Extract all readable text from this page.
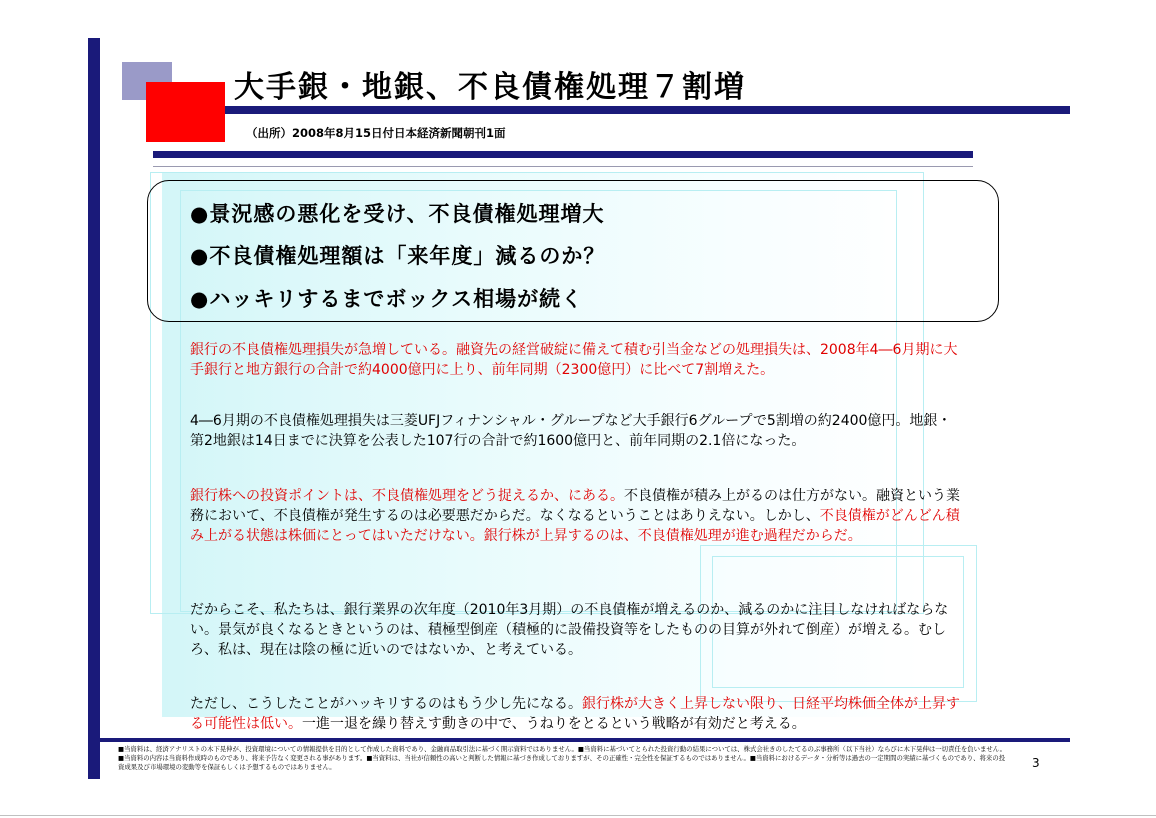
大手銀・地銀、不良債権処理７割増
（出所）2008年8月15日付日本経済新聞朝刊1面
●景況感の悪化を受け、不良債権処理増大
●不良債権処理額は「来年度」減るのか？
●ハッキリするまでボックス相場が続く
銀行の不良債権処理損失が急増している。融資先の経営破綻に備えて積む引当金などの処理損失は、2008年4―6月期に大手銀行と地方銀行の合計で約4000億円に上り、前年同期（2300億円）に比べて7割増えた。
4―6月期の不良債権処理損失は三菱UFJフィナンシャル・グループなど大手銀行6グループで5割増の約2400億円。地銀・第2地銀は14日までに決算を公表した107行の合計で約1600億円と、前年同期の2.1倍になった。
銀行株への投資ポイントは、不良債権処理をどう捉えるか、にある。不良債権が積み上がるのは仕方がない。融資という業務において、不良債権が発生するのは必要悪だからだ。なくなるということはありえない。しかし、不良債権がどんどん積み上がる状態は株価にとってはいただけない。銀行株が上昇するのは、不良債権処理が進む過程だからだ。
だからこそ、私たちは、銀行業界の次年度（2010年3月期）の不良債権が増えるのか、減るのかに注目しなければならない。景気が良くなるときというのは、積極型倒産（積極的に設備投資等をしたものの目算が外れて倒産）が増える。むしろ、私は、現在は陰の極に近いのではないか、と考えている。
ただし、こうしたことがハッキリするのはもう少し先になる。銀行株が大きく上昇しない限り、日経平均株価全体が上昇する可能性は低い。一進一退を繰り替えす動きの中で、うねりをとるという戦略が有効だと考える。
■当資料は、経済アナリストの木下晃伸が、投資環境についての情報提供を目的として作成した資料であり、金融商品取引法に基づく開示資料ではありません。■当資料に基づいてとられた投資行動の結果については、株式会社きのしたてるのぶ事務所（以下当社）ならびに木下晃伸は一切責任を負いません。■当資料の内容は当資料作成時のものであり、将来予告なく変更される事があります。■当資料は、当社が信頼性の高いと判断した情報に基づき作成しておりますが、その正確性・完全性を保証するものではありません。■当資料におけるデータ・分析等は過去の一定期間の実績に基づくものであり、将来の投資成果及び市場環境の変動等を保証もしくは予想するものではありません。	3
